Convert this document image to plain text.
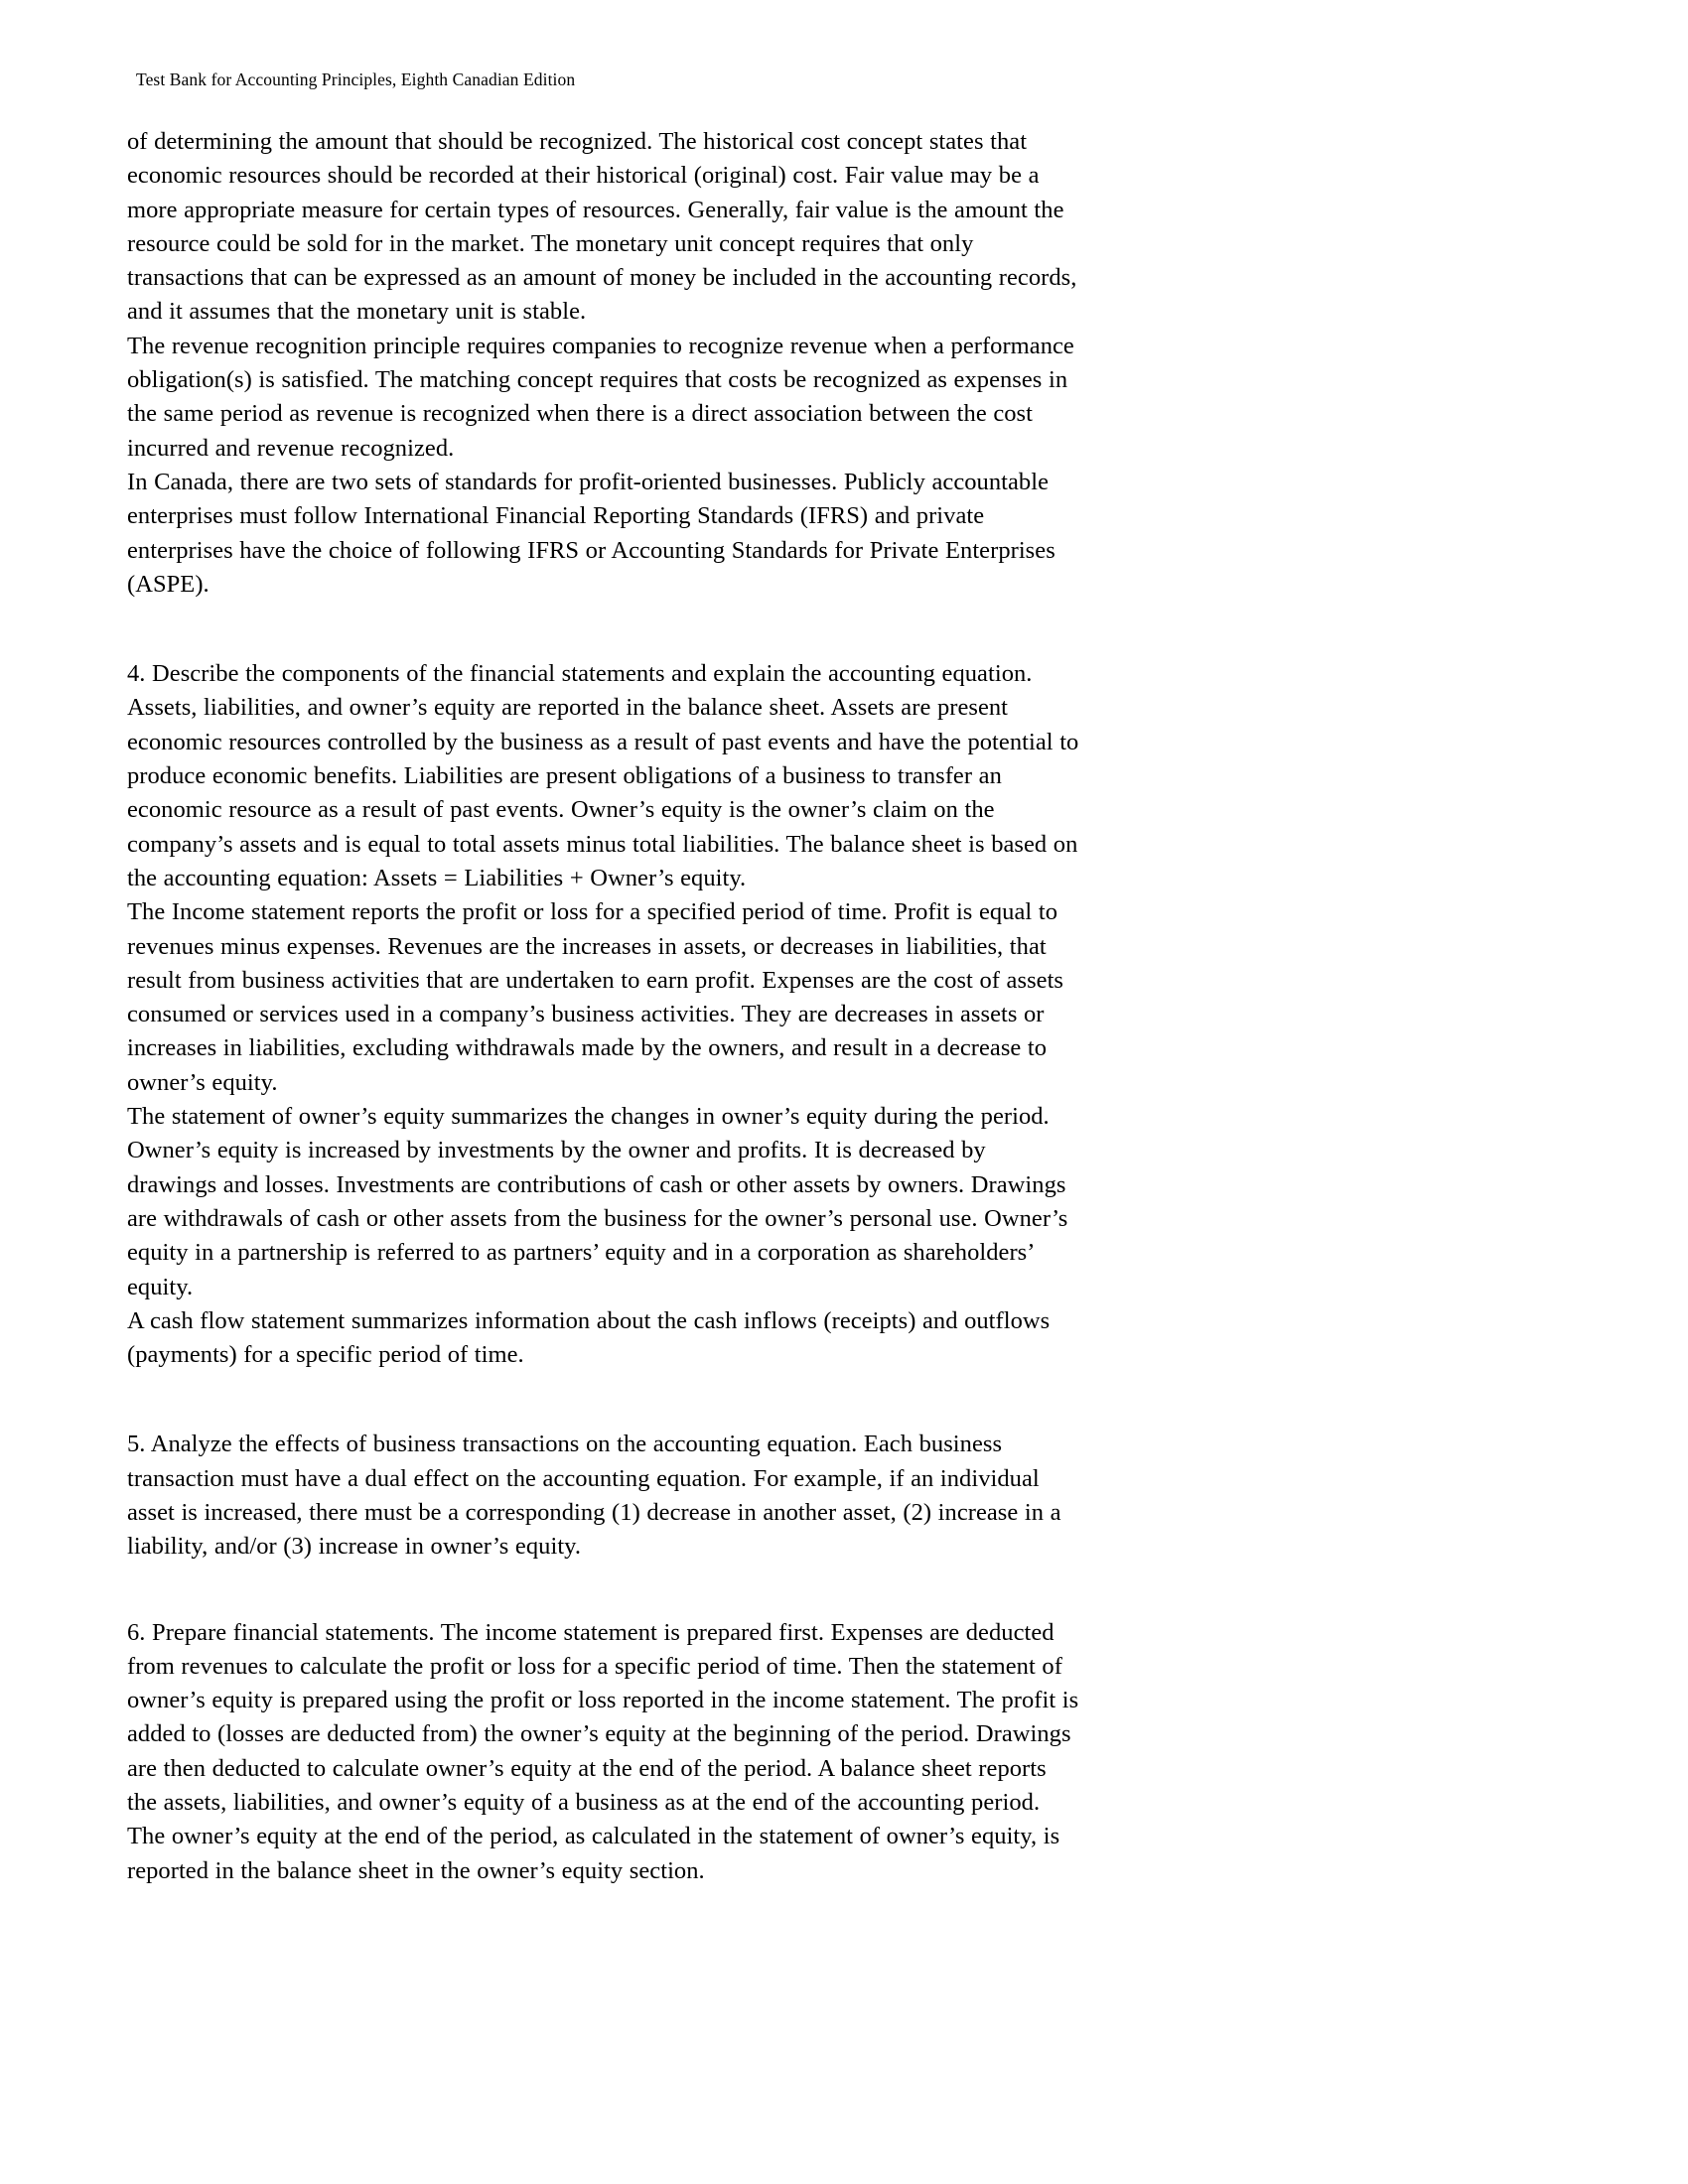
Test Bank for Accounting Principles, Eighth Canadian Edition

of determining the amount that should be recognized. The historical cost concept states that economic resources should be recorded at their historical (original) cost. Fair value may be a more appropriate measure for certain types of resources. Generally, fair value is the amount the resource could be sold for in the market. The monetary unit concept requires that only transactions that can be expressed as an amount of money be included in the accounting records, and it assumes that the monetary unit is stable.

The revenue recognition principle requires companies to recognize revenue when a performance obligation(s) is satisfied. The matching concept requires that costs be recognized as expenses in the same period as revenue is recognized when there is a direct association between the cost incurred and revenue recognized.

In Canada, there are two sets of standards for profit-oriented businesses. Publicly accountable enterprises must follow International Financial Reporting Standards (IFRS) and private enterprises have the choice of following IFRS or Accounting Standards for Private Enterprises (ASPE).

4. Describe the components of the financial statements and explain the accounting equation. Assets, liabilities, and owner’s equity are reported in the balance sheet. Assets are present economic resources controlled by the business as a result of past events and have the potential to produce economic benefits. Liabilities are present obligations of a business to transfer an economic resource as a result of past events. Owner’s equity is the owner’s claim on the company’s assets and is equal to total assets minus total liabilities. The balance sheet is based on the accounting equation: Assets = Liabilities + Owner’s equity.

The Income statement reports the profit or loss for a specified period of time. Profit is equal to revenues minus expenses. Revenues are the increases in assets, or decreases in liabilities, that result from business activities that are undertaken to earn profit. Expenses are the cost of assets consumed or services used in a company’s business activities. They are decreases in assets or increases in liabilities, excluding withdrawals made by the owners, and result in a decrease to owner’s equity.

The statement of owner’s equity summarizes the changes in owner’s equity during the period. Owner’s equity is increased by investments by the owner and profits. It is decreased by drawings and losses. Investments are contributions of cash or other assets by owners. Drawings are withdrawals of cash or other assets from the business for the owner’s personal use. Owner’s equity in a partnership is referred to as partners’ equity and in a corporation as shareholders’ equity.

A cash flow statement summarizes information about the cash inflows (receipts) and outflows (payments) for a specific period of time.

5. Analyze the effects of business transactions on the accounting equation. Each business transaction must have a dual effect on the accounting equation. For example, if an individual asset is increased, there must be a corresponding (1) decrease in another asset, (2) increase in a liability, and/or (3) increase in owner’s equity.

6. Prepare financial statements. The income statement is prepared first. Expenses are deducted from revenues to calculate the profit or loss for a specific period of time. Then the statement of owner’s equity is prepared using the profit or loss reported in the income statement. The profit is added to (losses are deducted from) the owner’s equity at the beginning of the period. Drawings are then deducted to calculate owner’s equity at the end of the period. A balance sheet reports the assets, liabilities, and owner’s equity of a business as at the end of the accounting period. The owner’s equity at the end of the period, as calculated in the statement of owner’s equity, is reported in the balance sheet in the owner’s equity section.
